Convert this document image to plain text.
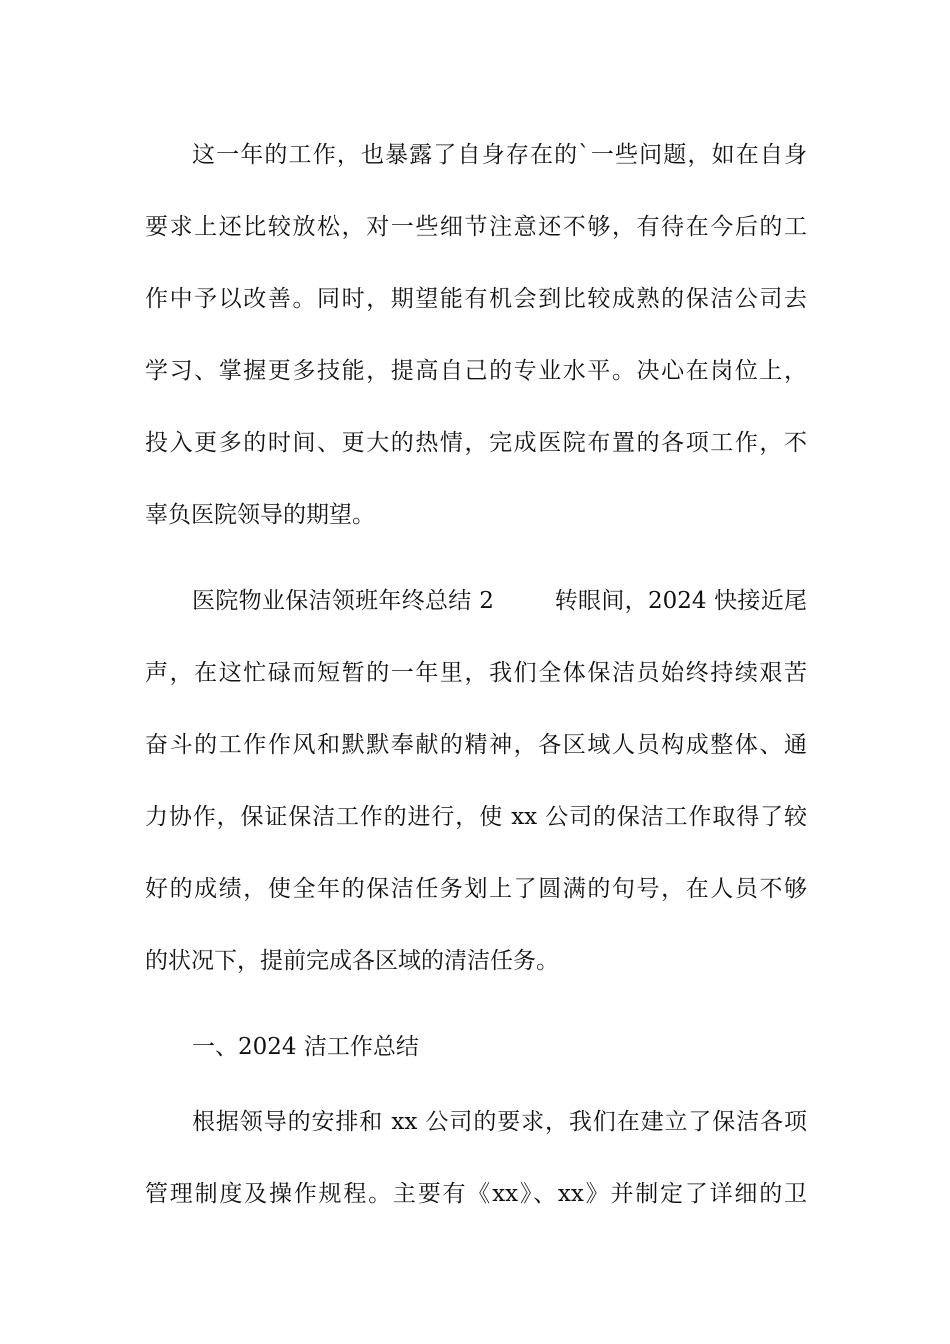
这一年的工作，也暴露了自身存在的`一些问题，如在自身

要求上还比较放松，对一些细节注意还不够，有待在今后的工

作中予以改善。同时，期望能有机会到比较成熟的保洁公司去

学习、掌握更多技能，提高自己的专业水平。决心在岗位上，

投入更多的时间、更大的热情，完成医院布置的各项工作，不

辜负医院领导的期望。

医院物业保洁领班年终总结 2        转眼间，2024 快接近尾

声，在这忙碌而短暂的一年里，我们全体保洁员始终持续艰苦

奋斗的工作作风和默默奉献的精神，各区域人员构成整体、通

力协作，保证保洁工作的进行，使 xx 公司的保洁工作取得了较

好的成绩，使全年的保洁任务划上了圆满的句号，在人员不够

的状况下，提前完成各区域的清洁任务。

一、2024 洁工作总结

根据领导的安排和 xx 公司的要求，我们在建立了保洁各项

管理制度及操作规程。主要有《xx》、xx》并制定了详细的卫
